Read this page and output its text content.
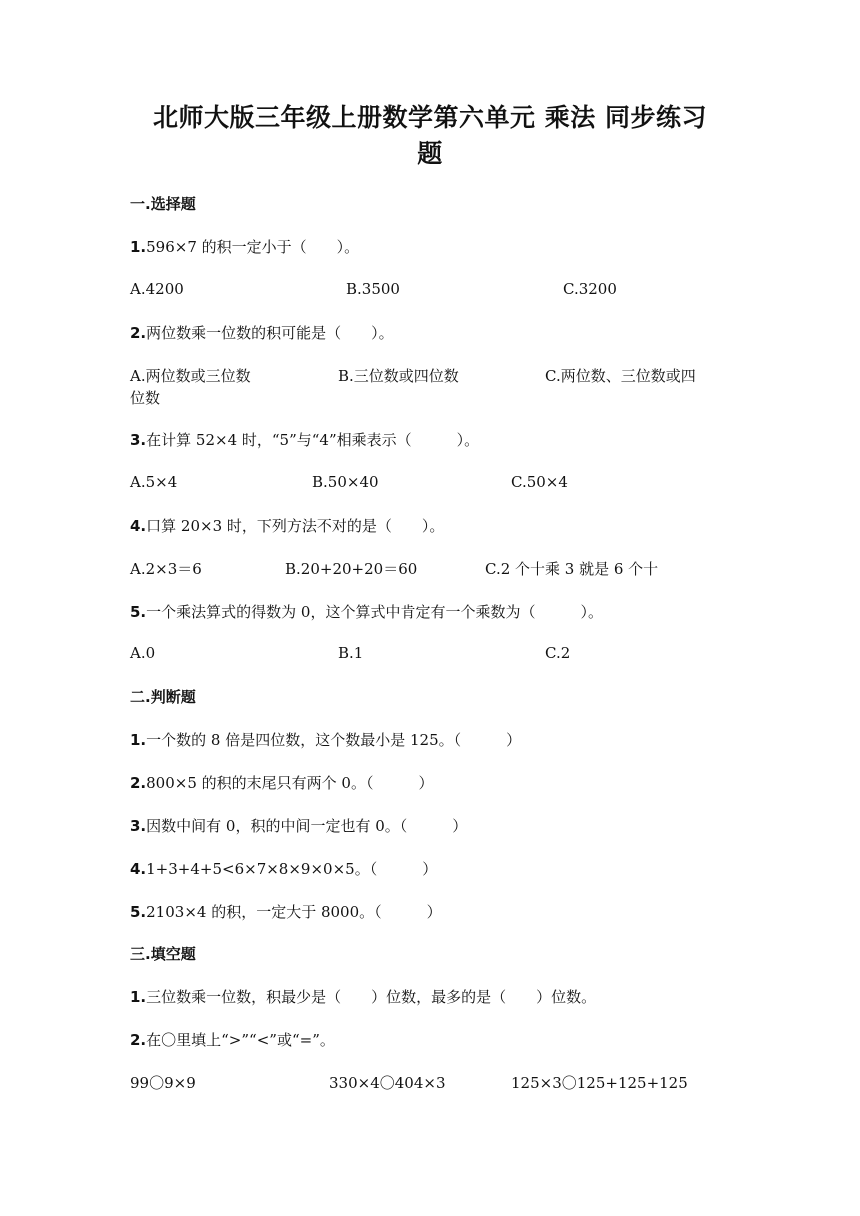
北师大版三年级上册数学第六单元 乘法 同步练习
题
一.选择题
1.596×7 的积一定小于（　　）。
A.4200	B.3500	C.3200
2.两位数乘一位数的积可能是（　　）。
A.两位数或三位数	B.三位数或四位数	C.两位数、三位数或四
位数
3.在计算 52×4 时，“5”与“4”相乘表示（　　　）。
A.5×4	B.50×40	C.50×4
4.口算 20×3 时，下列方法不对的是（　　）。
A.2×3＝6	B.20+20+20＝60	C.2 个十乘 3 就是 6 个十
5.一个乘法算式的得数为 0，这个算式中肯定有一个乘数为（　　　）。
A.0	B.1	C.2
二.判断题
1.一个数的 8 倍是四位数，这个数最小是 125。（　　　）
2.800×5 的积的末尾只有两个 0。（　　　）
3.因数中间有 0，积的中间一定也有 0。（　　　）
4.1+3+4+5<6×7×8×9×0×5。（　　　）
5.2103×4 的积，一定大于 8000。（　　　）
三.填空题
1.三位数乘一位数，积最少是（　　）位数，最多的是（　　）位数。
2.在〇里填上“>”“<”或“=”。
99〇9×9	330×4〇404×3	125×3〇125+125+125
